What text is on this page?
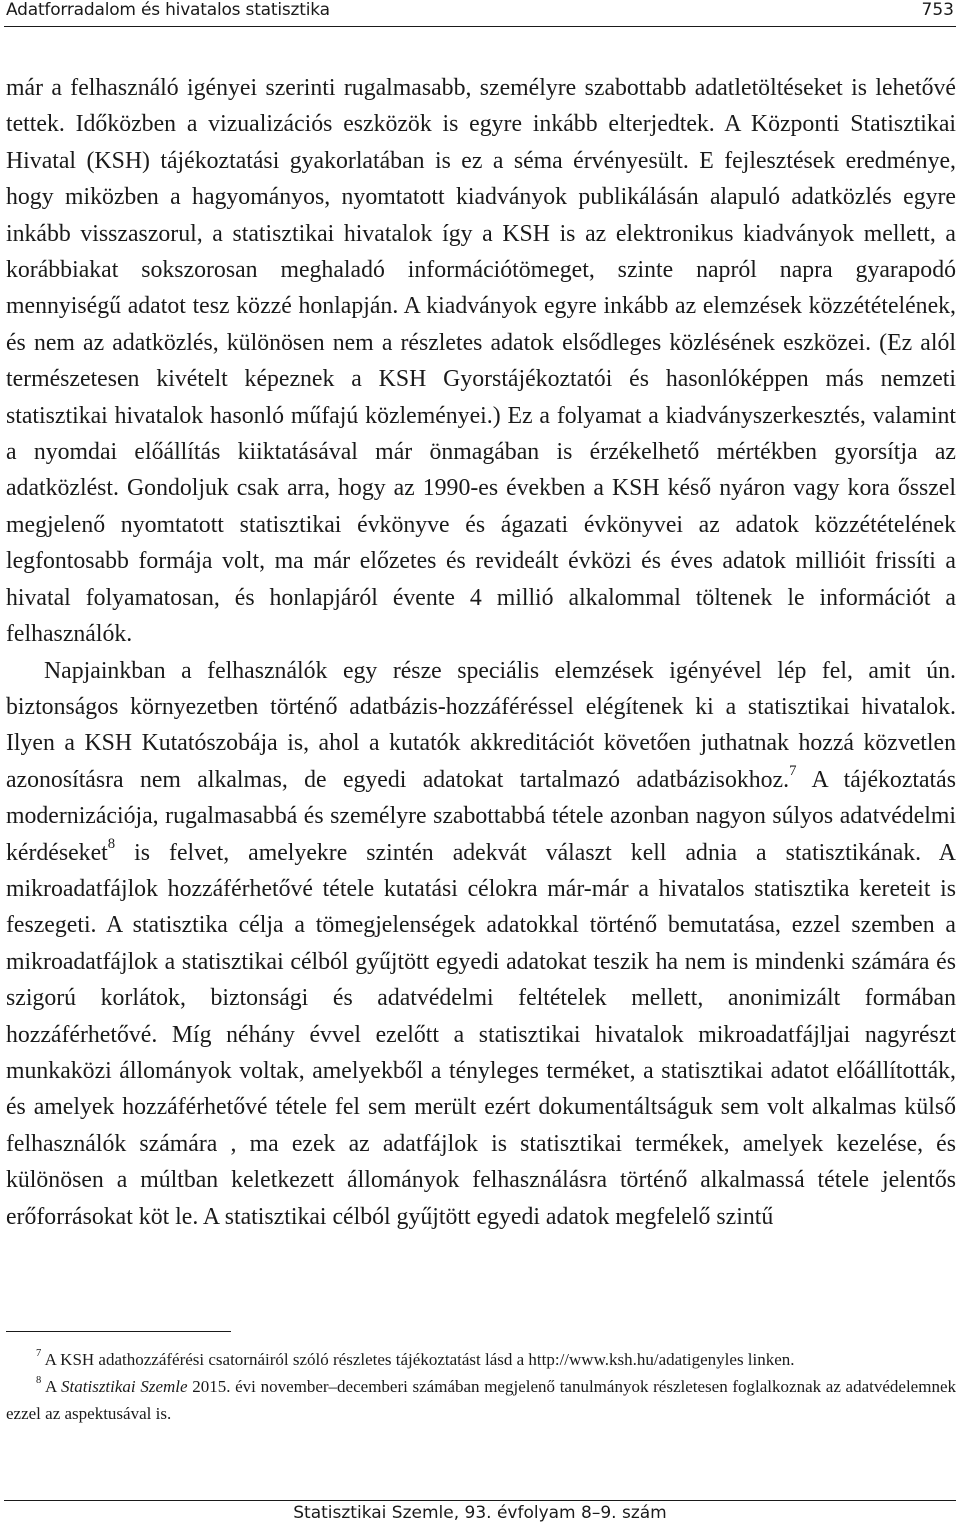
Adatforradalom és hivatalos statisztika	753

már a felhasználó igényei szerinti rugalmasabb, személyre szabottabb adatletöltéseket is lehetővé tettek. Időközben a vizualizációs eszközök is egyre inkább elterjedtek. A Központi Statisztikai Hivatal (KSH) tájékoztatási gyakorlatában is ez a séma érvényesült. E fejlesztések eredménye, hogy miközben a hagyományos, nyomtatott kiadványok publikálásán alapuló adatközlés egyre inkább visszaszorul, a statisztikai hivatalok így a KSH is az elektronikus kiadványok mellett, a korábbiakat sokszorosan meghaladó információtömeget, szinte napról napra gyarapodó mennyiségű adatot tesz közzé honlapján. A kiadványok egyre inkább az elemzések közzétételének, és nem az adatközlés, különösen nem a részletes adatok elsődleges közlésének eszközei. (Ez alól természetesen kivételt képeznek a KSH Gyorstájékoztatói és hasonlóképpen más nemzeti statisztikai hivatalok hasonló műfajú közleményei.) Ez a folyamat a kiadványszerkesztés, valamint a nyomdai előállítás kiiktatásával már önmagában is érzékelhető mértékben gyorsítja az adatközlést. Gondoljuk csak arra, hogy az 1990-es években a KSH késő nyáron vagy kora ősszel megjelenő nyomtatott statisztikai évkönyve és ágazati évkönyvei az adatok közzétételének legfontosabb formája volt, ma már előzetes és revideált évközi és éves adatok millióit frissíti a hivatal folyamatosan, és honlapjáról évente 4 millió alkalommal töltenek le információt a felhasználók.

Napjainkban a felhasználók egy része speciális elemzések igényével lép fel, amit ún. biztonságos környezetben történő adatbázis-hozzáféréssel elégítenek ki a statisztikai hivatalok. Ilyen a KSH Kutatószobája is, ahol a kutatók akkreditációt követően juthatnak hozzá közvetlen azonosításra nem alkalmas, de egyedi adatokat tartalmazó adatbázisokhoz.$^7$ A tájékoztatás modernizációja, rugalmasabbá és személyre szabottabbá tétele azonban nagyon súlyos adatvédelmi kérdéseket$^8$ is felvet, amelyekre szintén adekvát választ kell adnia a statisztikának. A mikroadatfájlok hozzáférhetővé tétele kutatási célokra már-már a hivatalos statisztika kereteit is feszegeti. A statisztika célja a tömegjelenségek adatokkal történő bemutatása, ezzel szemben a mikroadatfájlok a statisztikai célból gyűjtött egyedi adatokat teszik ha nem is mindenki számára és szigorú korlátok, biztonsági és adatvédelmi feltételek mellett, anonimizált formában hozzáférhetővé. Míg néhány évvel ezelőtt a statisztikai hivatalok mikroadatfájljai nagyrészt munkaközi állományok voltak, amelyekből a tényleges terméket, a statisztikai adatot előállították, és amelyek hozzáférhetővé tétele fel sem merült ezért dokumentáltságuk sem volt alkalmas külső felhasználók számára , ma ezek az adatfájlok is statisztikai termékek, amelyek kezelése, és különösen a múltban keletkezett állományok felhasználásra történő alkalmassá tétele jelentős erőforrásokat köt le. A statisztikai célból gyűjtött egyedi adatok megfelelő szintű

$^7$ A KSH adathozzáférési csatornáiról szóló részletes tájékoztatást lásd a http://www.ksh.hu/adatigenyles linken.

$^8$ A Statisztikai Szemle 2015. évi november–decemberi számában megjelenő tanulmányok részletesen foglalkoznak az adatvédelemnek ezzel az aspektusával is.

Statisztikai Szemle, 93. évfolyam 8–9. szám
